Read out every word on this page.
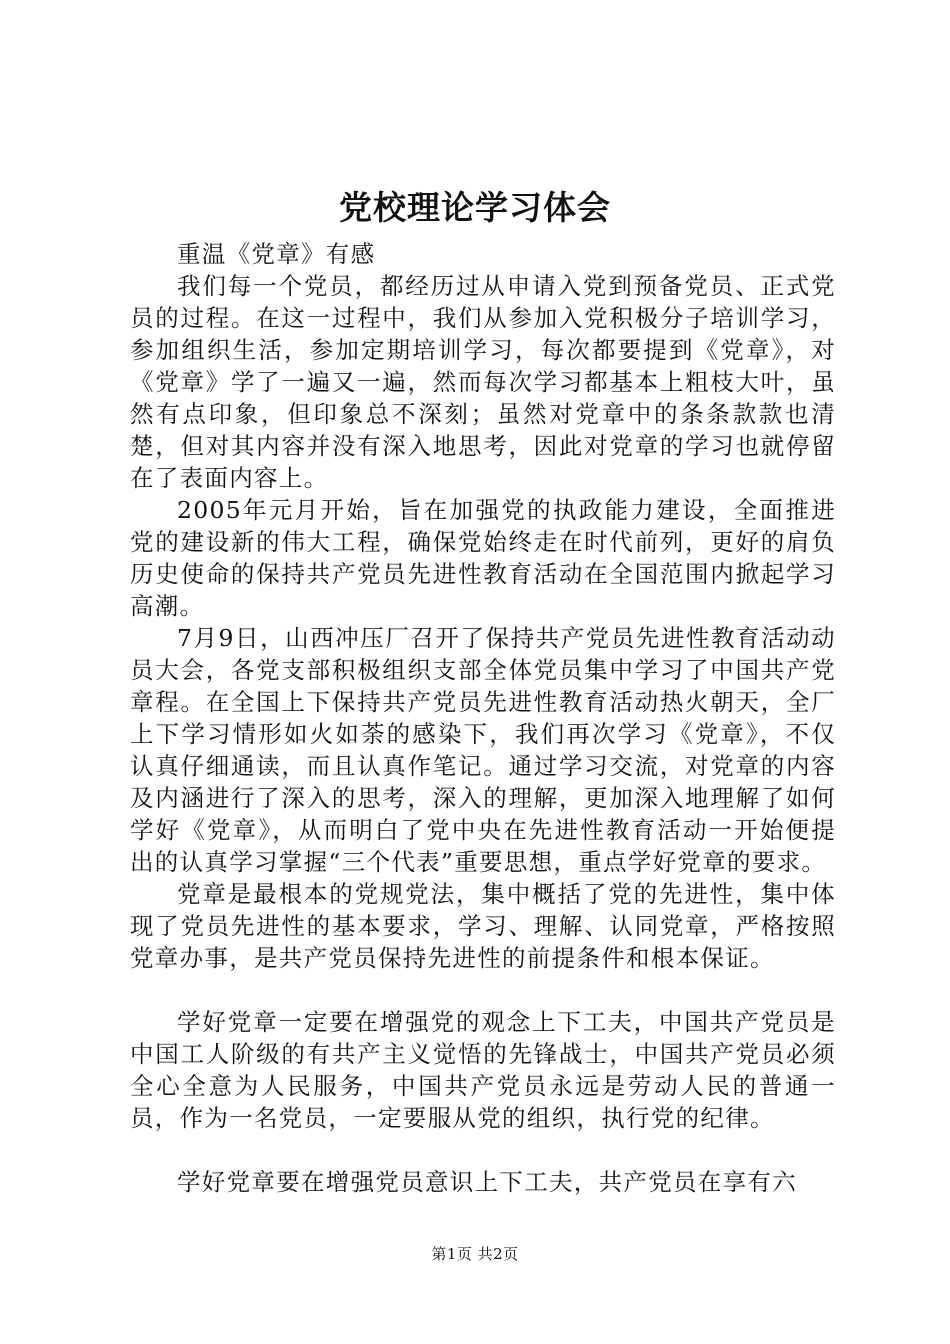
党校理论学习体会

重温《党章》有感

我们每一个党员，都经历过从申请入党到预备党员、正式党员的过程。在这一过程中，我们从参加入党积极分子培训学习，参加组织生活，参加定期培训学习，每次都要提到《党章》，对《党章》学了一遍又一遍，然而每次学习都基本上粗枝大叶，虽然有点印象，但印象总不深刻；虽然对党章中的条条款款也清楚，但对其内容并没有深入地思考，因此对党章的学习也就停留在了表面内容上。

2005年元月开始，旨在加强党的执政能力建设，全面推进党的建设新的伟大工程，确保党始终走在时代前列，更好的肩负历史使命的保持共产党员先进性教育活动在全国范围内掀起学习高潮。

7月9日，山西冲压厂召开了保持共产党员先进性教育活动动员大会，各党支部积极组织支部全体党员集中学习了中国共产党章程。在全国上下保持共产党员先进性教育活动热火朝天，全厂上下学习情形如火如荼的感染下，我们再次学习《党章》，不仅认真仔细通读，而且认真作笔记。通过学习交流，对党章的内容及内涵进行了深入的思考，深入的理解，更加深入地理解了如何学好《党章》，从而明白了党中央在先进性教育活动一开始便提出的认真学习掌握“三个代表”重要思想，重点学好党章的要求。

党章是最根本的党规党法，集中概括了党的先进性，集中体现了党员先进性的基本要求，学习、理解、认同党章，严格按照党章办事，是共产党员保持先进性的前提条件和根本保证。

学好党章一定要在增强党的观念上下工夫，中国共产党员是中国工人阶级的有共产主义觉悟的先锋战士，中国共产党员必须全心全意为人民服务，中国共产党员永远是劳动人民的普通一员，作为一名党员，一定要服从党的组织，执行党的纪律。

学好党章要在增强党员意识上下工夫，共产党员在享有六

第1页 共2页
